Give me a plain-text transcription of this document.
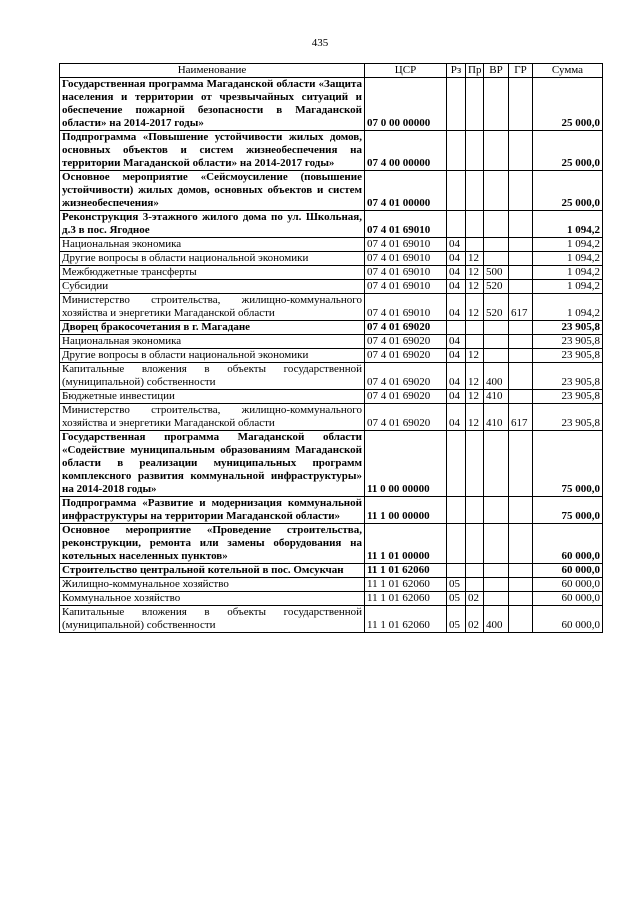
435
Наименование	ЦСР	Рз	Пр	ВР	ГР	Сумма
Государственная программа Магаданской области «Защита населения и территории от чрезвычайных ситуаций и обеспечение пожарной безопасности в Магаданской области» на 2014-2017 годы»	07 0 00 00000					25 000,0
Подпрограмма «Повышение устойчивости жилых домов, основных объектов и систем жизнеобеспечения на территории Магаданской области» на 2014-2017 годы»	07 4 00 00000					25 000,0
Основное мероприятие «Сейсмоусиление (повышение устойчивости) жилых домов, основных объектов и систем жизнеобеспечения»	07 4 01 00000					25 000,0
Реконструкция 3-этажного жилого дома по ул. Школьная, д.3 в пос. Ягодное	07 4 01 69010					1 094,2
Национальная экономика	07 4 01 69010	04				1 094,2
Другие вопросы в области национальной экономики	07 4 01 69010	04	12			1 094,2
Межбюджетные трансферты	07 4 01 69010	04	12	500		1 094,2
Субсидии	07 4 01 69010	04	12	520		1 094,2
Министерство строительства, жилищно-коммунального хозяйства и энергетики Магаданской области	07 4 01 69010	04	12	520	617	1 094,2
Дворец бракосочетания в г. Магадане	07 4 01 69020					23 905,8
Национальная экономика	07 4 01 69020	04				23 905,8
Другие вопросы в области национальной экономики	07 4 01 69020	04	12			23 905,8
Капитальные вложения в объекты государственной (муниципальной) собственности	07 4 01 69020	04	12	400		23 905,8
Бюджетные инвестиции	07 4 01 69020	04	12	410		23 905,8
Министерство строительства, жилищно-коммунального хозяйства и энергетики Магаданской области	07 4 01 69020	04	12	410	617	23 905,8
Государственная программа Магаданской области «Содействие муниципальным образованиям Магаданской области в реализации муниципальных программ комплексного развития коммунальной инфраструктуры» на 2014-2018 годы»	11 0 00 00000					75 000,0
Подпрограмма «Развитие и модернизация коммунальной инфраструктуры на территории Магаданской области»	11 1 00 00000					75 000,0
Основное мероприятие «Проведение строительства, реконструкции, ремонта или замены оборудования на котельных населенных пунктов»	11 1 01 00000					60 000,0
Строительство центральной котельной в пос. Омсукчан	11 1 01 62060					60 000,0
Жилищно-коммунальное хозяйство	11 1 01 62060	05				60 000,0
Коммунальное хозяйство	11 1 01 62060	05	02			60 000,0
Капитальные вложения в объекты государственной (муниципальной) собственности	11 1 01 62060	05	02	400		60 000,0
